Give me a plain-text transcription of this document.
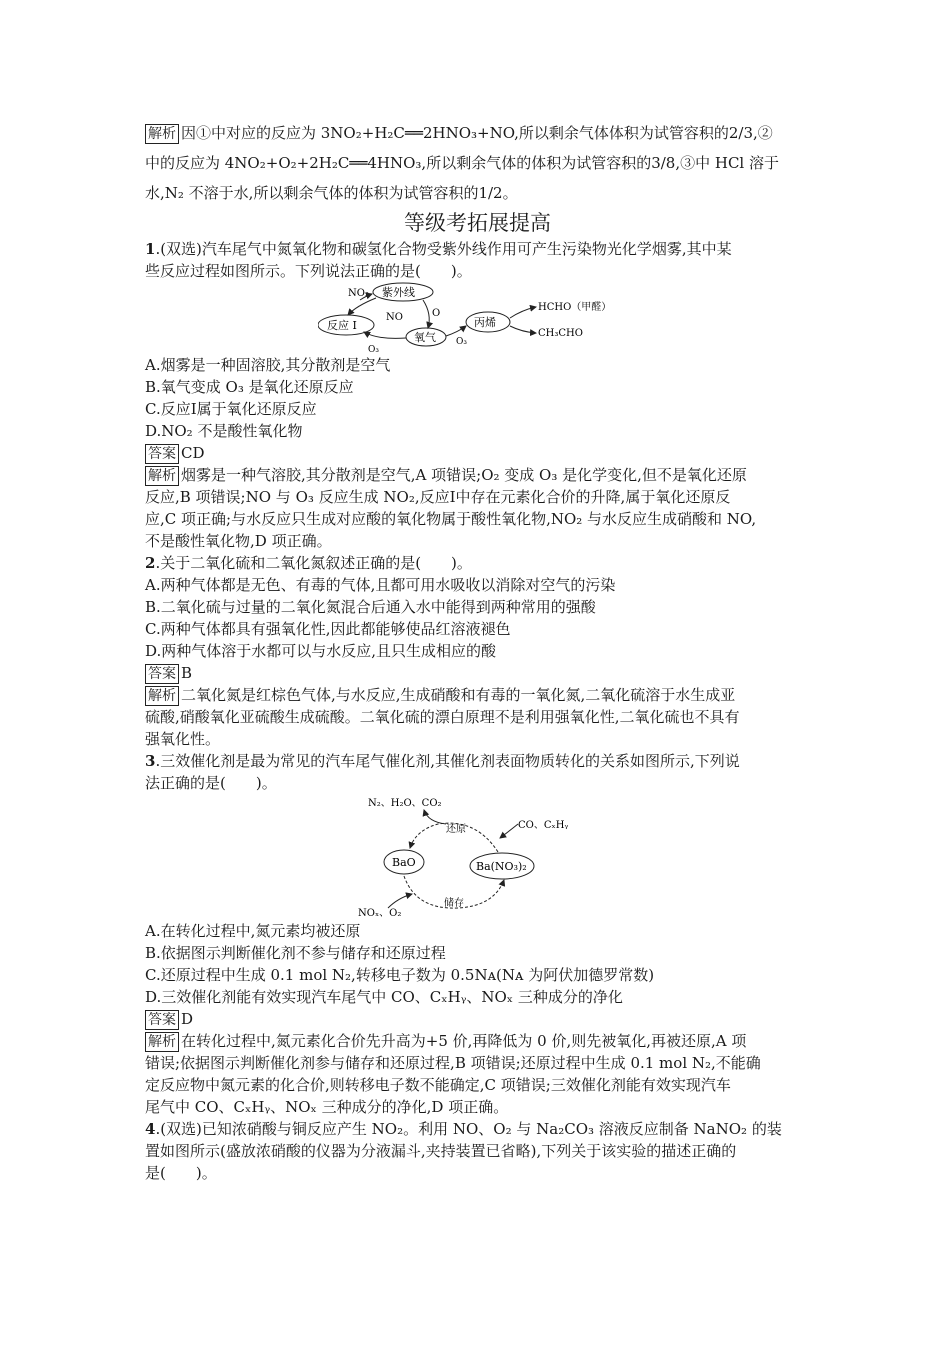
解析 因①中对应的反应为 3NO₂+H₂C══2HNO₃+NO,所以剩余气体体积为试管容积的2/3,②
中的反应为 4NO₂+O₂+2H₂C══4HNO₃,所以剩余气体的体积为试管容积的3/8,③中 HCl 溶于
水,N₂ 不溶于水,所以剩余气体的体积为试管容积的1/2。
等级考拓展提高
1.(双选)汽车尾气中氮氧化物和碳氢化合物受紫外线作用可产生污染物光化学烟雾,其中某
些反应过程如图所示。下列说法正确的是(　　)。
NO₂ 紫外线
反应 Ⅰ
NO	O
氧气
O₃
O₃
丙烯
HCHO（甲醛）
CH₃CHO
A.烟雾是一种固溶胶,其分散剂是空气
B.氧气变成 O₃ 是氧化还原反应
C.反应Ⅰ属于氧化还原反应
D.NO₂ 不是酸性氧化物
答案 CD
解析 烟雾是一种气溶胶,其分散剂是空气,A 项错误;O₂ 变成 O₃ 是化学变化,但不是氧化还原
反应,B 项错误;NO 与 O₃ 反应生成 NO₂,反应Ⅰ中存在元素化合价的升降,属于氧化还原反
应,C 项正确;与水反应只生成对应酸的氧化物属于酸性氧化物,NO₂ 与水反应生成硝酸和 NO,
不是酸性氧化物,D 项正确。
2.关于二氧化硫和二氧化氮叙述正确的是(　　)。
A.两种气体都是无色、有毒的气体,且都可用水吸收以消除对空气的污染
B.二氧化硫与过量的二氧化氮混合后通入水中能得到两种常用的强酸
C.两种气体都具有强氧化性,因此都能够使品红溶液褪色
D.两种气体溶于水都可以与水反应,且只生成相应的酸
答案 B
解析 二氧化氮是红棕色气体,与水反应,生成硝酸和有毒的一氧化氮,二氧化硫溶于水生成亚
硫酸,硝酸氧化亚硫酸生成硫酸。二氧化硫的漂白原理不是利用强氧化性,二氧化硫也不具有
强氧化性。
3.三效催化剂是最为常见的汽车尾气催化剂,其催化剂表面物质转化的关系如图所示,下列说
法正确的是(　　)。
N₂、H₂O、CO₂
还原	CO、CₓHᵧ
BaO	Ba(NO₃)₂
储存
NOₓ、O₂
A.在转化过程中,氮元素均被还原
B.依据图示判断催化剂不参与储存和还原过程
C.还原过程中生成 0.1 mol N₂,转移电子数为 0.5Nᴀ(Nᴀ 为阿伏加德罗常数)
D.三效催化剂能有效实现汽车尾气中 CO、CₓHᵧ、NOₓ 三种成分的净化
答案 D
解析 在转化过程中,氮元素化合价先升高为+5 价,再降低为 0 价,则先被氧化,再被还原,A 项
错误;依据图示判断催化剂参与储存和还原过程,B 项错误;还原过程中生成 0.1 mol N₂,不能确
定反应物中氮元素的化合价,则转移电子数不能确定,C 项错误;三效催化剂能有效实现汽车
尾气中 CO、CₓHᵧ、NOₓ 三种成分的净化,D 项正确。
4.(双选)已知浓硝酸与铜反应产生 NO₂。利用 NO、O₂ 与 Na₂CO₃ 溶液反应制备 NaNO₂ 的装
置如图所示(盛放浓硝酸的仪器为分液漏斗,夹持装置已省略),下列关于该实验的描述正确的
是(　　)。
